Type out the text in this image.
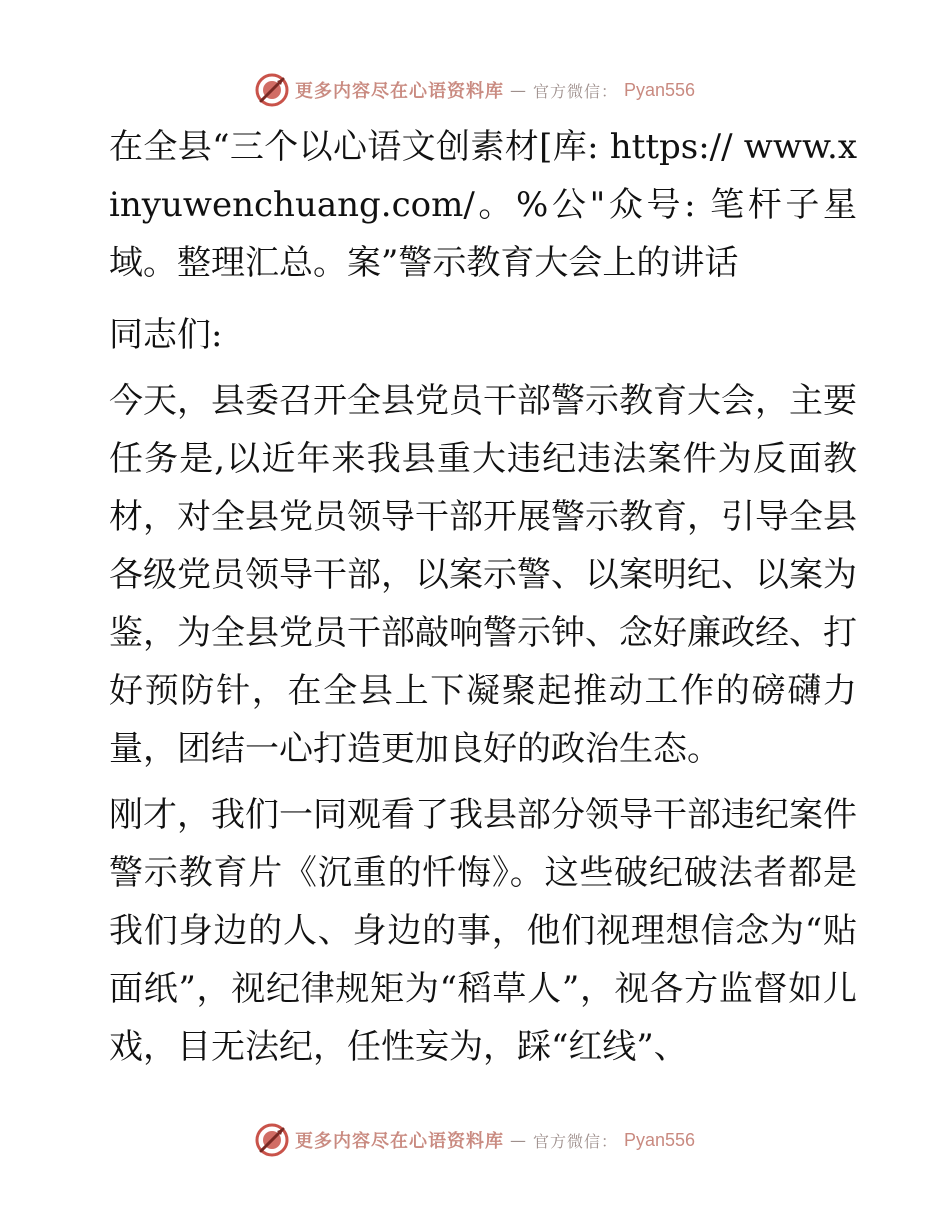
更多内容尽在心语资料库 — 官方微信： Pyan556

在全县“三个以心语文创素材[库: https:// www.xinyuwenchuang.com/。%公"众号: 笔杆子星域。整理汇总。案”警示教育大会上的讲话

同志们:

今天，县委召开全县党员干部警示教育大会，主要任务是,以近年来我县重大违纪违法案件为反面教材，对全县党员领导干部开展警示教育，引导全县各级党员领导干部，以案示警、以案明纪、以案为鉴，为全县党员干部敲响警示钟、念好廉政经、打好预防针，在全县上下凝聚起推动工作的磅礴力量，团结一心打造更加良好的政治生态。

刚才，我们一同观看了我县部分领导干部违纪案件警示教育片《沉重的忏悔》。这些破纪破法者都是我们身边的人、身边的事，他们视理想信念为“贴面纸”，视纪律规矩为“稻草人”，视各方监督如儿戏，目无法纪，任性妄为，踩“红线”、

更多内容尽在心语资料库 — 官方微信： Pyan556
